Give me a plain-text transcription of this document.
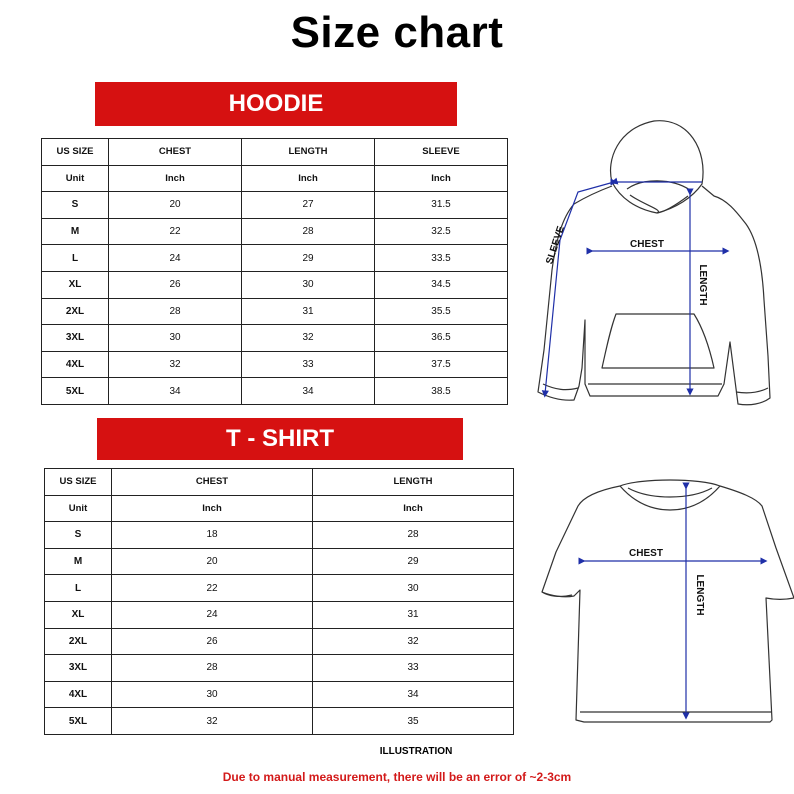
Size chart
HOODIE
US SIZE	CHEST	LENGTH	SLEEVE
Unit	Inch	Inch	Inch
S	20	27	31.5
M	22	28	32.5
L	24	29	33.5
XL	26	30	34.5
2XL	28	31	35.5
3XL	30	32	36.5
4XL	32	33	37.5
5XL	34	34	38.5
T - SHIRT
US SIZE	CHEST	LENGTH
Unit	Inch	Inch
S	18	28
M	20	29
L	22	30
XL	24	31
2XL	26	32
3XL	28	33
4XL	30	34
5XL	32	35
CHEST
LENGTH
SLEEVE
CHEST
LENGTH
ILLUSTRATION
Due to manual measurement, there will be an error of ~2-3cm
